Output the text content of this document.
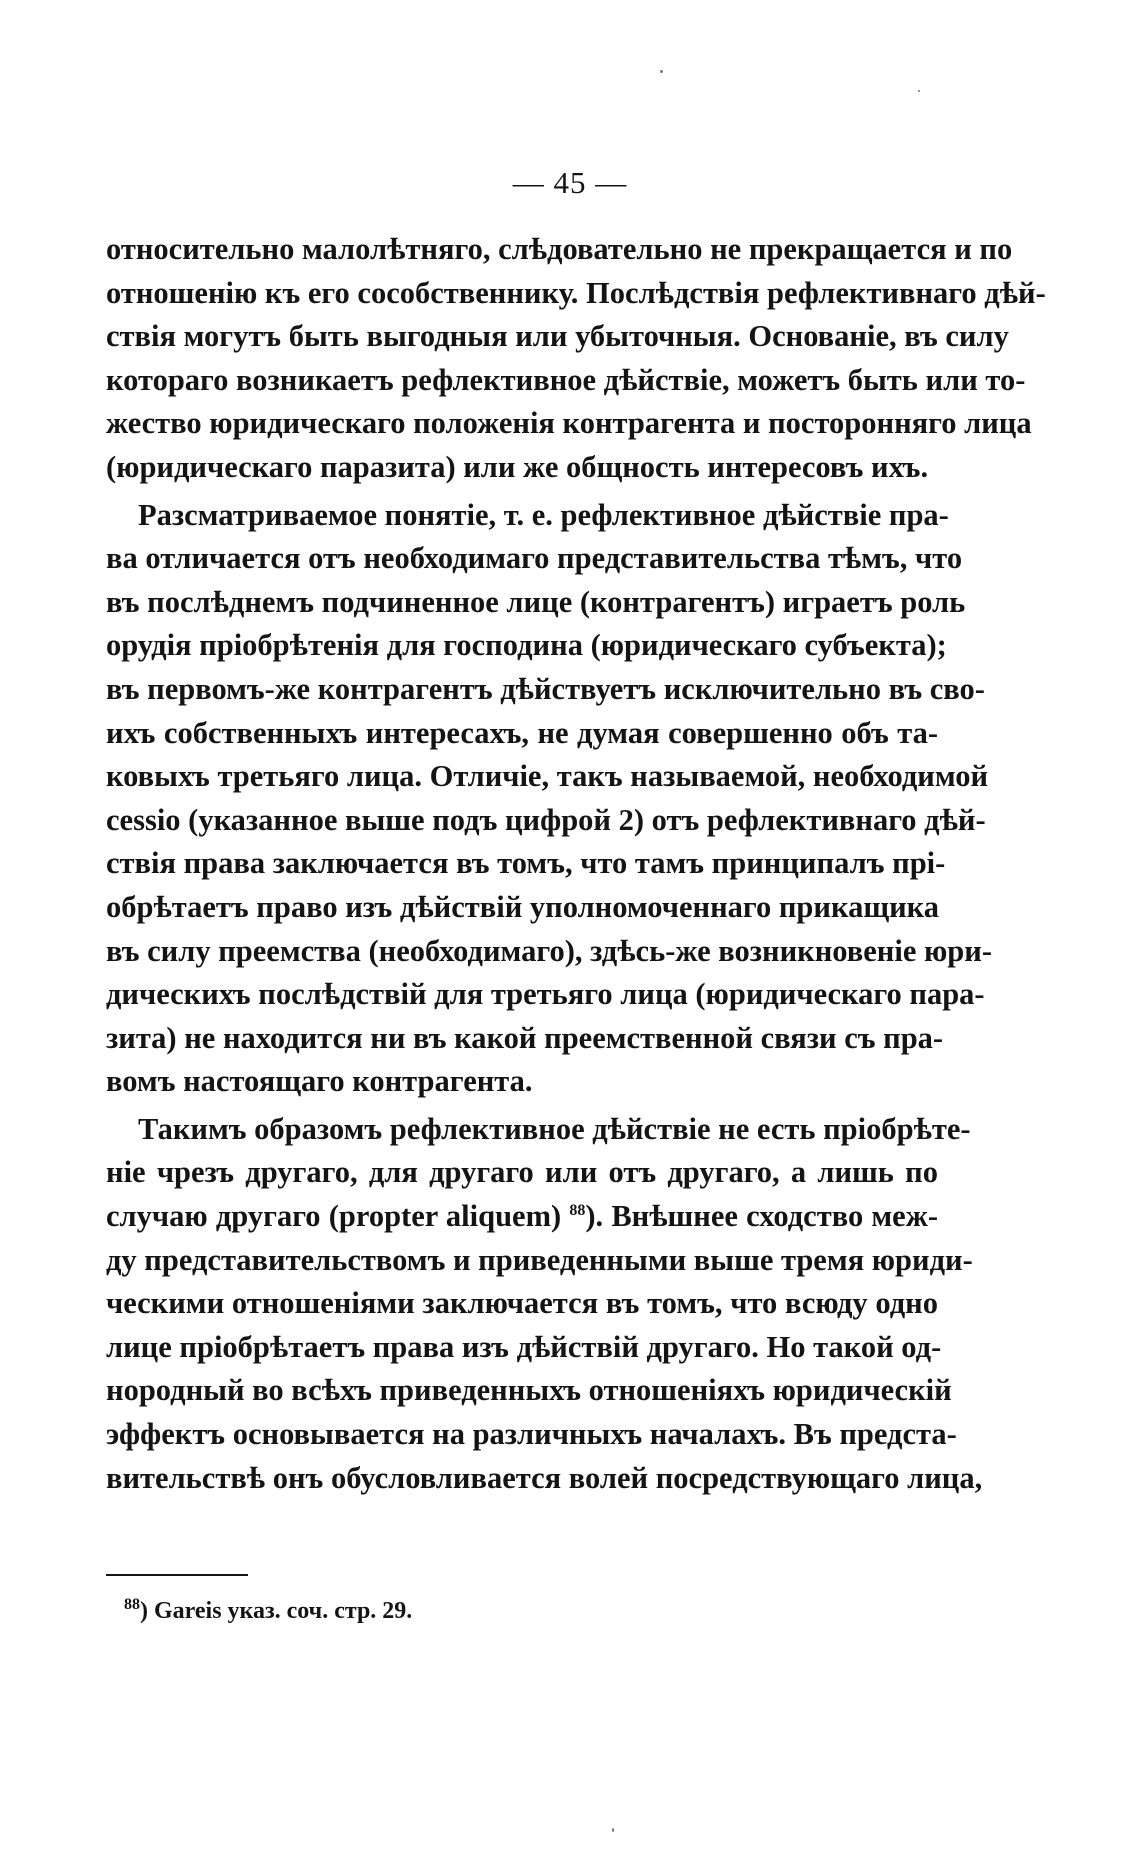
— 45 —

относительно малолѣтняго, слѣдовательно не прекращается и по
отношенію къ его сособственнику. Послѣдствія рефлективнаго дѣй-
ствія могутъ быть выгодныя или убыточныя. Основаніе, въ силу
котораго возникаетъ рефлективное дѣйствіе, можетъ быть или то-
жество юридическаго положенія контрагента и посторонняго лица
(юридическаго паразита) или же общность интересовъ ихъ.

Разсматриваемое понятіе, т. е. рефлективное дѣйствіе пра-
ва отличается отъ необходимаго представительства тѣмъ, что
въ послѣднемъ подчиненное лице (контрагентъ) играетъ роль
орудія пріобрѣтенія для господина (юридическаго субъекта);
въ первомъ-же контрагентъ дѣйствуетъ исключительно въ сво-
ихъ собственныхъ интересахъ, не думая совершенно объ та-
ковыхъ третьяго лица. Отличіе, такъ называемой, необходимой
cessio (указанное выше подъ цифрой 2) отъ рефлективнаго дѣй-
ствія права заключается въ томъ, что тамъ принципалъ прі-
обрѣтаетъ право изъ дѣйствій уполномоченнаго прикащика
въ силу преемства (необходимаго), здѣсь-же возникновеніе юри-
дическихъ послѣдствій для третьяго лица (юридическаго пара-
зита) не находится ни въ какой преемственной связи съ пра-
вомъ настоящаго контрагента.

Такимъ образомъ рефлективное дѣйствіе не есть пріобрѣте-
ніе чрезъ другаго, для другаго или отъ другаго, а лишь по
случаю другаго (propter aliquem) $^{88}$). Внѣшнее сходство меж-
ду представительствомъ и приведенными выше тремя юриди-
ческими отношеніями заключается въ томъ, что всюду одно
лице пріобрѣтаетъ права изъ дѣйствій другаго. Но такой од-
нородный во всѣхъ приведенныхъ отношеніяхъ юридическій
эффектъ основывается на различныхъ началахъ. Въ предста-
вительствѣ онъ обусловливается волей посредствующаго лица,

$^{88}$) Gareis указ. соч. стр. 29.
